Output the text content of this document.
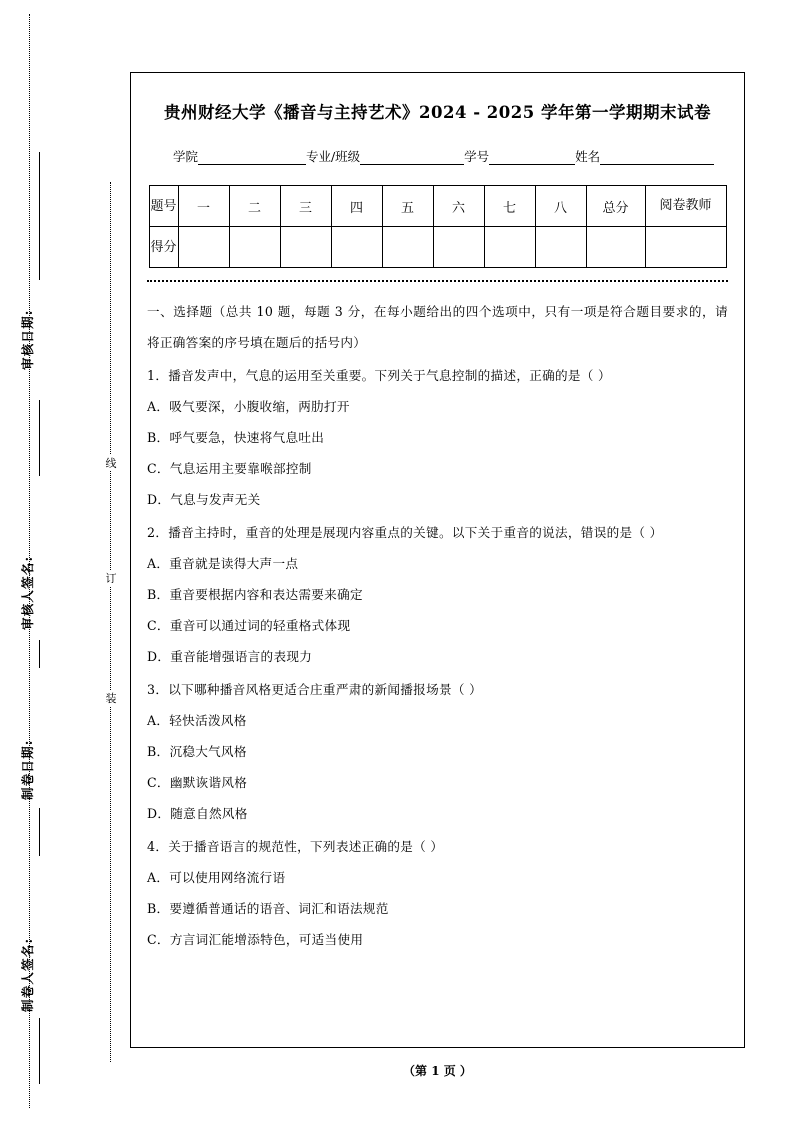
审核日期:
审核人签名:
制卷日期:
制卷人签名:
线
订
装
贵州财经大学《播音与主持艺术》2024 - 2025 学年第一学期期末试卷
学院	专业/班级	学号	姓名
题号	一	二	三	四	五	六	七	八	总分	阅卷教师
得分										
一、选择题（总共 10 题，每题 3 分，在每小题给出的四个选项中，只有一项是符合题目要求的，请将正确答案的序号填在题后的括号内）
1．播音发声中，气息的运用至关重要。下列关于气息控制的描述，正确的是（ ）
A．吸气要深，小腹收缩，两肋打开
B．呼气要急，快速将气息吐出
C．气息运用主要靠喉部控制
D．气息与发声无关
2．播音主持时，重音的处理是展现内容重点的关键。以下关于重音的说法，错误的是（ ）
A．重音就是读得大声一点
B．重音要根据内容和表达需要来确定
C．重音可以通过词的轻重格式体现
D．重音能增强语言的表现力
3．以下哪种播音风格更适合庄重严肃的新闻播报场景（ ）
A．轻快活泼风格
B．沉稳大气风格
C．幽默诙谐风格
D．随意自然风格
4．关于播音语言的规范性，下列表述正确的是（ ）
A．可以使用网络流行语
B．要遵循普通话的语音、词汇和语法规范
C．方言词汇能增添特色，可适当使用
（第 1 页 ）
